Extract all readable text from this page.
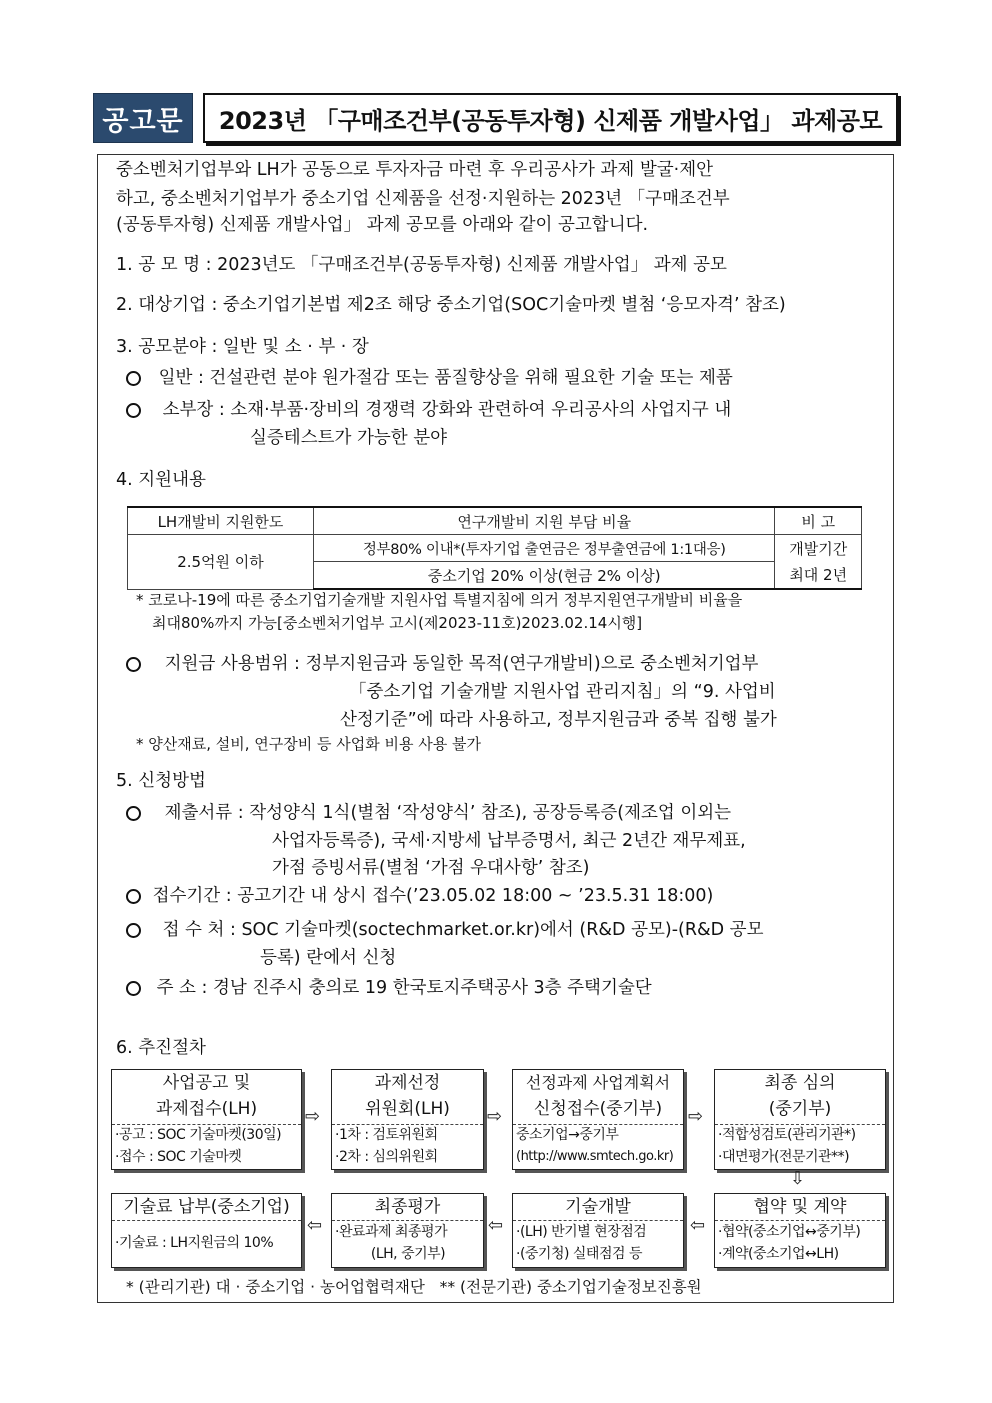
공고문	2023년 「구매조건부(공동투자형) 신제품 개발사업」 과제공모
중소벤처기업부와 LH가 공동으로 투자자금 마련 후 우리공사가 과제 발굴·제안
하고, 중소벤처기업부가 중소기업 신제품을 선정·지원하는 2023년 「구매조건부
(공동투자형) 신제품 개발사업」 과제 공모를 아래와 같이 공고합니다.
1. 공 모 명 : 2023년도 「구매조건부(공동투자형) 신제품 개발사업」 과제 공모
2. 대상기업 : 중소기업기본법 제2조 해당 중소기업(SOC기술마켓 별첨 ‘응모자격’ 참조)
3. 공모분야 : 일반 및 소 · 부 · 장
일반 : 건설관련 분야 원가절감 또는 품질향상을 위해 필요한 기술 또는 제품
소부장 : 소재·부품·장비의 경쟁력 강화와 관련하여 우리공사의 사업지구 내
실증테스트가 가능한 분야
4. 지원내용
LH개발비 지원한도	연구개발비 지원 부담 비율	비 고
2.5억원 이하	정부80% 이내*(투자기업 출연금은 정부출연금에 1:1대응)	개발기간
	중소기업 20% 이상(현금 2% 이상)	최대 2년
* 코로나-19에 따른 중소기업기술개발 지원사업 특별지침에 의거 정부지원연구개발비 비율을
최대80%까지 가능[중소벤처기업부 고시(제2023-11호)2023.02.14시행]
지원금 사용범위 : 정부지원금과 동일한 목적(연구개발비)으로 중소벤처기업부
「중소기업 기술개발 지원사업 관리지침」의 “9. 사업비
산정기준”에 따라 사용하고, 정부지원금과 중복 집행 불가
* 양산재료, 설비, 연구장비 등 사업화 비용 사용 불가
5. 신청방법
제출서류 : 작성양식 1식(별첨 ‘작성양식’ 참조), 공장등록증(제조업 이외는
사업자등록증), 국세·지방세 납부증명서, 최근 2년간 재무제표,
가점 증빙서류(별첨 ‘가점 우대사항’ 참조)
접수기간 : 공고기간 내 상시 접수(’23.05.02 18:00 ~ ’23.5.31 18:00)
접 수 처 : SOC 기술마켓(soctechmarket.or.kr)에서 (R&D 공모)-(R&D 공모
등록) 란에서 신청
주 소 : 경남 진주시 충의로 19 한국토지주택공사 3층 주택기술단
6. 추진절차
사업공고 및
과제접수(LH)
·공고 : SOC 기술마켓(30일)
·접수 : SOC 기술마켓
⇨
과제선정
위원회(LH)
·1차 : 검토위원회
·2차 : 심의위원회
⇨
선정과제 사업계획서
신청접수(중기부)
중소기업→중기부
(http://www.smtech.go.kr)
⇨
최종 심의
(중기부)
·적합성검토(관리기관*)
·대면평가(전문기관**)
⇩
협약 및 계약
·협약(중소기업↔중기부)
·계약(중소기업↔LH)
⇦
기술개발
·(LH) 반기별 현장점검
·(중기청) 실태점검 등
⇦
최종평가
·완료과제 최종평가
(LH, 중기부)
⇦
기술료 납부(중소기업)
·기술료 : LH지원금의 10%
* (관리기관) 대 · 중소기업 · 농어업협력재단   ** (전문기관) 중소기업기술정보진흥원
